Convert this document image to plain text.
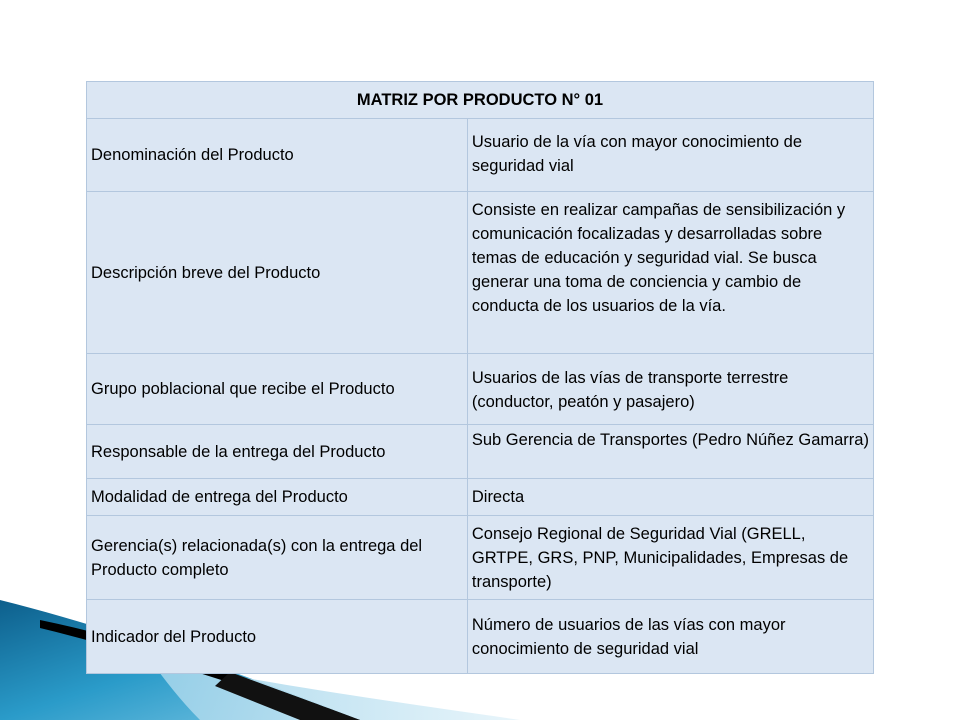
MATRIZ POR PRODUCTO N° 01	
Denominación del Producto	Usuario de la vía con mayor conocimiento de seguridad vial
Descripción breve del Producto	Consiste en realizar campañas de sensibilización y comunicación focalizadas y desarrolladas sobre temas de educación y seguridad vial. Se busca generar una toma de conciencia y cambio de conducta de los usuarios de la vía.
Grupo poblacional que recibe el Producto	Usuarios de las vías de transporte terrestre (conductor, peatón y pasajero)
Responsable de la entrega del Producto	Sub Gerencia de Transportes (Pedro Núñez Gamarra)
Modalidad de entrega del Producto	Directa
Gerencia(s) relacionada(s) con la entrega del Producto completo	Consejo Regional de Seguridad Vial (GRELL, GRTPE, GRS, PNP, Municipalidades, Empresas de transporte)
Indicador del Producto	Número de usuarios de las vías con mayor conocimiento de seguridad vial
